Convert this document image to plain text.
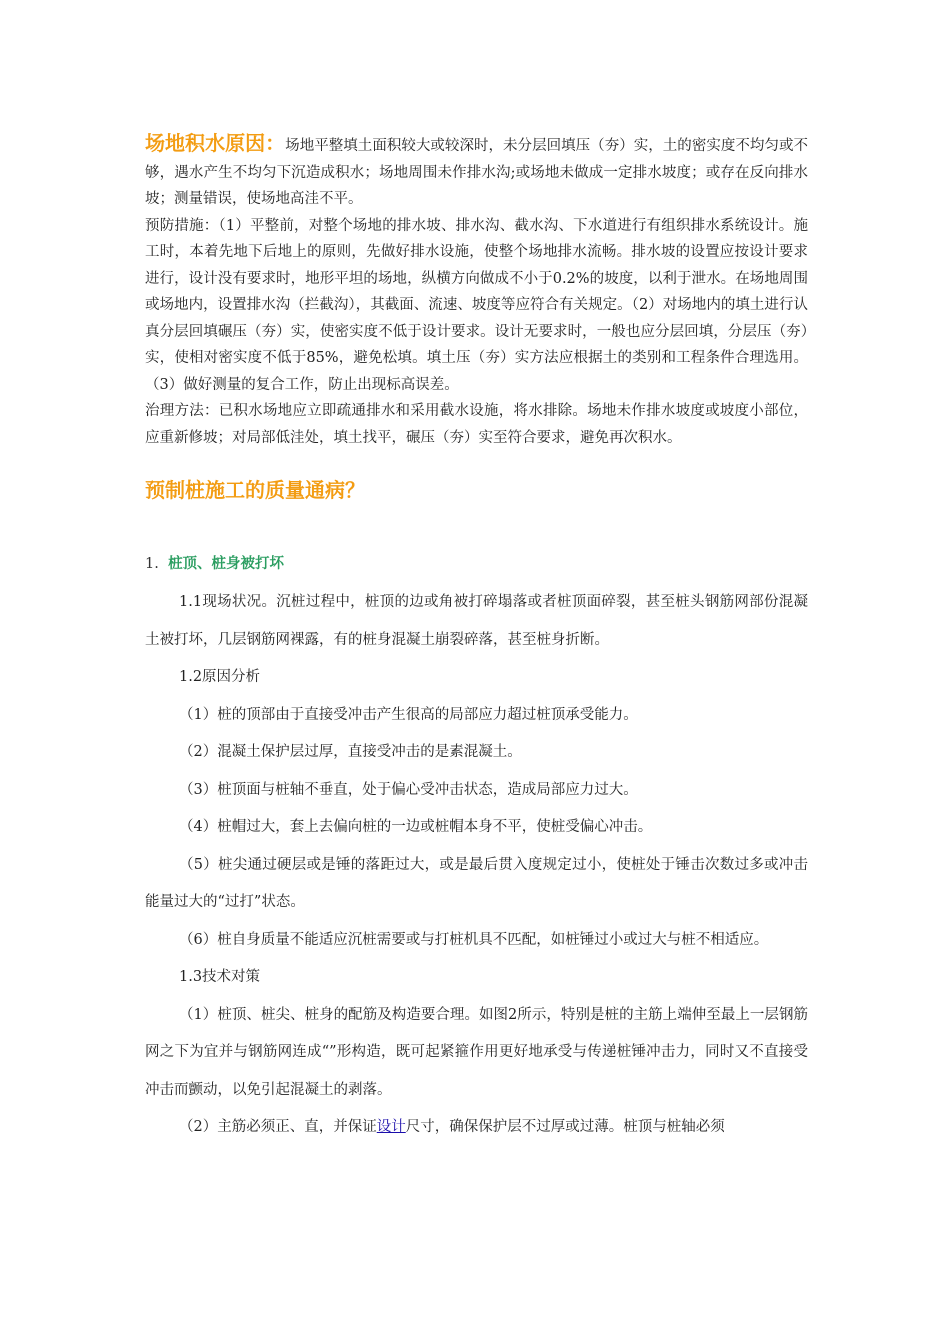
场地积水原因：场地平整填土面积较大或较深时，未分层回填压（夯）实，土的密实度不均匀或不够，遇水产生不均匀下沉造成积水；场地周围未作排水沟;或场地未做成一定排水坡度；或存在反向排水坡；测量错误，使场地高洼不平。

预防措施：（1）平整前，对整个场地的排水坡、排水沟、截水沟、下水道进行有组织排水系统设计。施工时，本着先地下后地上的原则，先做好排水设施，使整个场地排水流畅。排水坡的设置应按设计要求进行，设计没有要求时，地形平坦的场地，纵横方向做成不小于0.2%的坡度，以利于泄水。在场地周围或场地内，设置排水沟（拦截沟），其截面、流速、坡度等应符合有关规定。（2）对场地内的填土进行认真分层回填碾压（夯）实，使密实度不低于设计要求。设计无要求时，一般也应分层回填，分层压（夯）实，使相对密实度不低于85%，避免松填。填土压（夯）实方法应根据土的类别和工程条件合理选用。（3）做好测量的复合工作，防止出现标高误差。

治理方法：已积水场地应立即疏通排水和采用截水设施，将水排除。场地未作排水坡度或坡度小部位，应重新修坡；对局部低洼处，填土找平，碾压（夯）实至符合要求，避免再次积水。

预制桩施工的质量通病？

1. 桩顶、桩身被打坏

1.1现场状况。沉桩过程中，桩顶的边或角被打碎塌落或者桩顶面碎裂，甚至桩头钢筋网部份混凝土被打坏，几层钢筋网裸露，有的桩身混凝土崩裂碎落，甚至桩身折断。

1.2原因分析

（1）桩的顶部由于直接受冲击产生很高的局部应力超过桩顶承受能力。

（2）混凝土保护层过厚，直接受冲击的是素混凝土。

（3）桩顶面与桩轴不垂直，处于偏心受冲击状态，造成局部应力过大。

（4）桩帽过大，套上去偏向桩的一边或桩帽本身不平，使桩受偏心冲击。

（5）桩尖通过硬层或是锤的落距过大，或是最后贯入度规定过小，使桩处于锤击次数过多或冲击能量过大的“过打”状态。

（6）桩自身质量不能适应沉桩需要或与打桩机具不匹配，如桩锤过小或过大与桩不相适应。

1.3技术对策

（1）桩顶、桩尖、桩身的配筋及构造要合理。如图2所示，特别是桩的主筋上端伸至最上一层钢筋网之下为宜并与钢筋网连成“”形构造，既可起紧箍作用更好地承受与传递桩锤冲击力，同时又不直接受冲击而颤动，以免引起混凝土的剥落。

（2）主筋必须正、直，并保证设计尺寸，确保保护层不过厚或过薄。桩顶与桩轴必须
